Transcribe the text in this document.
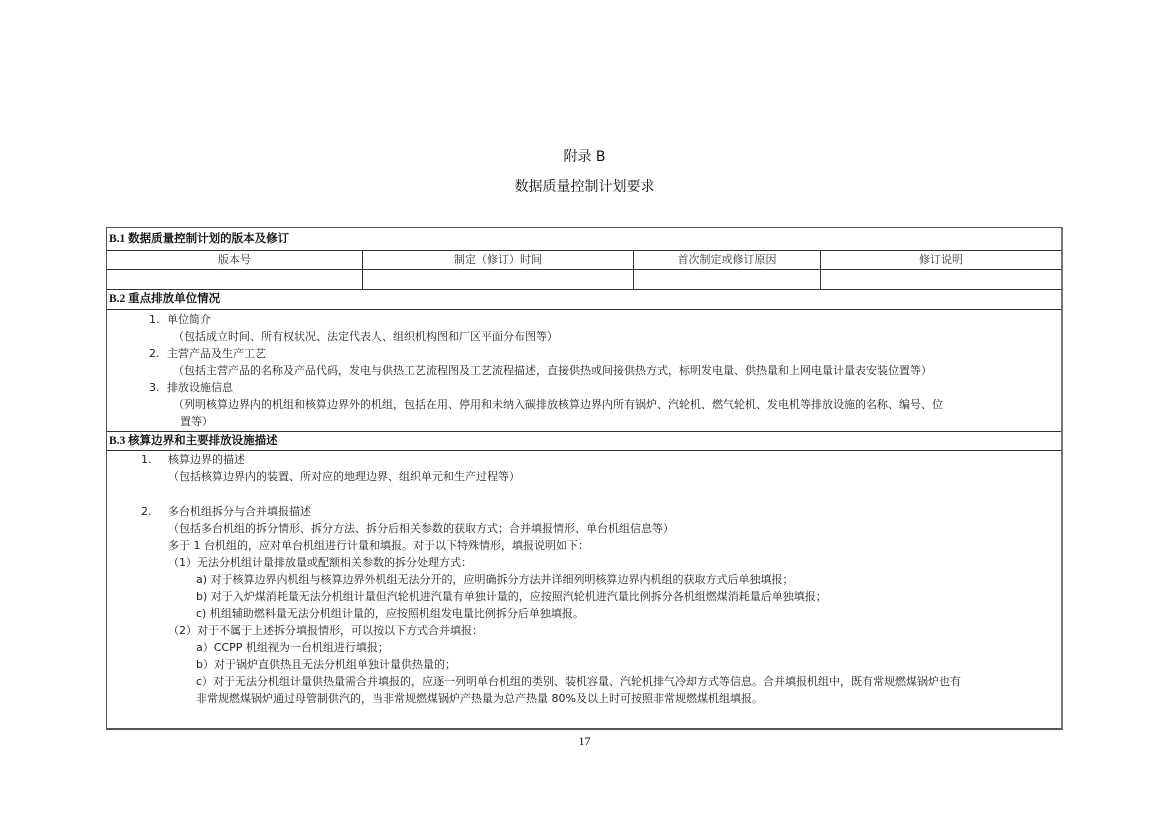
附录 B
数据质量控制计划要求
B.1 数据质量控制计划的版本及修订
版本号	制定（修订）时间	首次制定或修订原因	修订说明
B.2 重点排放单位情况
1. 单位简介
（包括成立时间、所有权状况、法定代表人、组织机构图和厂区平面分布图等）
2. 主营产品及生产工艺
（包括主营产品的名称及产品代码，发电与供热工艺流程图及工艺流程描述，直接供热或间接供热方式，标明发电量、供热量和上网电量计量表安装位置等）
3. 排放设施信息
（列明核算边界内的机组和核算边界外的机组，包括在用、停用和未纳入碳排放核算边界内所有锅炉、汽轮机、燃气轮机、发电机等排放设施的名称、编号、位
置等）
B.3 核算边界和主要排放设施描述
1. 核算边界的描述
（包括核算边界内的装置、所对应的地理边界、组织单元和生产过程等）
2. 多台机组拆分与合并填报描述
（包括多台机组的拆分情形、拆分方法、拆分后相关参数的获取方式；合并填报情形、单台机组信息等）
多于 1 台机组的，应对单台机组进行计量和填报。对于以下特殊情形，填报说明如下：
（1）无法分机组计量排放量或配额相关参数的拆分处理方式：
a) 对于核算边界内机组与核算边界外机组无法分开的，应明确拆分方法并详细列明核算边界内机组的获取方式后单独填报；
b) 对于入炉煤消耗量无法分机组计量但汽轮机进汽量有单独计量的，应按照汽轮机进汽量比例拆分各机组燃煤消耗量后单独填报；
c) 机组辅助燃料量无法分机组计量的，应按照机组发电量比例拆分后单独填报。
（2）对于不属于上述拆分填报情形，可以按以下方式合并填报：
a）CCPP 机组视为一台机组进行填报；
b）对于锅炉直供热且无法分机组单独计量供热量的；
c）对于无法分机组计量供热量需合并填报的，应逐一列明单台机组的类别、装机容量、汽轮机排气冷却方式等信息。合并填报机组中，既有常规燃煤锅炉也有
非常规燃煤锅炉通过母管制供汽的，当非常规燃煤锅炉产热量为总产热量 80%及以上时可按照非常规燃煤机组填报。
17
